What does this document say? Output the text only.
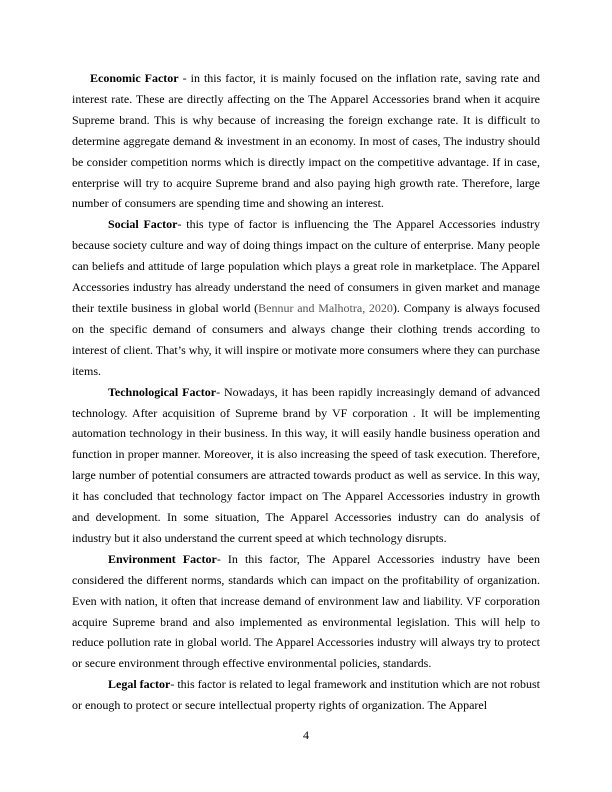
Economic Factor - in this factor, it is mainly focused on the inflation rate, saving rate and interest rate. These are directly affecting on the The Apparel Accessories brand when it acquire Supreme brand. This is why because of increasing the foreign exchange rate. It is difficult to determine aggregate demand & investment in an economy. In most of cases, The industry should be consider competition norms which is directly impact on the competitive advantage. If in case, enterprise will try to acquire Supreme brand and also paying high growth rate. Therefore, large number of consumers are spending time and showing an interest.

Social Factor- this type of factor is influencing the The Apparel Accessories industry because society culture and way of doing things impact on the culture of enterprise. Many people can beliefs and attitude of large population which plays a great role in marketplace. The Apparel Accessories industry has already understand the need of consumers in given market and manage their textile business in global world (Bennur and Malhotra, 2020). Company is always focused on the specific demand of consumers and always change their clothing trends according to interest of client. That’s why, it will inspire or motivate more consumers where they can purchase items.

Technological Factor- Nowadays, it has been rapidly increasingly demand of advanced technology. After acquisition of Supreme brand by VF corporation . It will be implementing automation technology in their business. In this way, it will easily handle business operation and function in proper manner. Moreover, it is also increasing the speed of task execution. Therefore, large number of potential consumers are attracted towards product as well as service. In this way, it has concluded that technology factor impact on The Apparel Accessories industry in growth and development. In some situation, The Apparel Accessories industry can do analysis of industry but it also understand the current speed at which technology disrupts.

Environment Factor- In this factor, The Apparel Accessories industry have been considered the different norms, standards which can impact on the profitability of organization. Even with nation, it often that increase demand of environment law and liability. VF corporation acquire Supreme brand and also implemented as environmental legislation. This will help to reduce pollution rate in global world. The Apparel Accessories industry will always try to protect or secure environment through effective environmental policies, standards.

Legal factor- this factor is related to legal framework and institution which are not robust or enough to protect or secure intellectual property rights of organization. The Apparel

4
